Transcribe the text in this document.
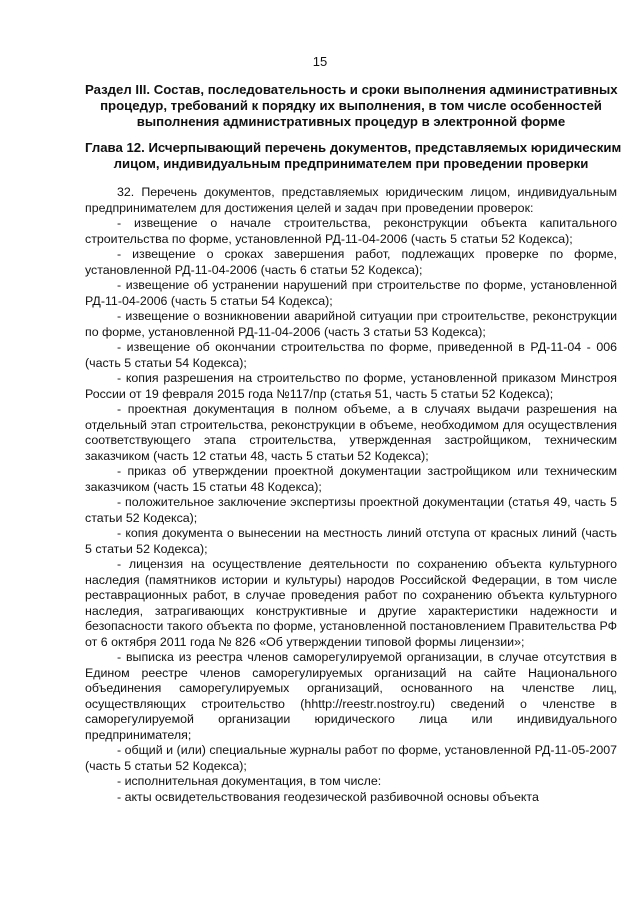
15
Раздел III. Состав, последовательность и сроки выполнения административных
процедур, требований к порядку их выполнения, в том числе особенностей
выполнения административных процедур в электронной форме
Глава 12. Исчерпывающий перечень документов, представляемых юридическим
лицом, индивидуальным предпринимателем при проведении проверки

32. Перечень документов, представляемых юридическим лицом, индивидуальным предпринимателем для достижения целей и задач при проведении проверок:

- извещение о начале строительства, реконструкции объекта капитального строительства по форме, установленной РД-11-04-2006 (часть 5 статьи 52 Кодекса);

- извещение о сроках завершения работ, подлежащих проверке по форме, установленной РД-11-04-2006 (часть 6 статьи 52 Кодекса);

- извещение об устранении нарушений при строительстве по форме, установленной РД-11-04-2006 (часть 5 статьи 54 Кодекса);

- извещение о возникновении аварийной ситуации при строительстве, реконструкции по форме, установленной РД-11-04-2006 (часть 3 статьи 53 Кодекса);

- извещение об окончании строительства по форме, приведенной в РД-11-04 - 006 (часть 5 статьи 54 Кодекса);

- копия разрешения на строительство по форме, установленной приказом Минстроя России от 19 февраля 2015 года №117/пр (статья 51, часть 5 статьи 52 Кодекса);

- проектная документация в полном объеме, а в случаях выдачи разрешения на отдельный этап строительства, реконструкции в объеме, необходимом для осуществления соответствующего этапа строительства, утвержденная застройщиком, техническим заказчиком (часть 12 статьи 48, часть 5 статьи 52 Кодекса);

- приказ об утверждении проектной документации застройщиком или техническим заказчиком (часть 15 статьи 48 Кодекса);

- положительное заключение экспертизы проектной документации (статья 49, часть 5 статьи 52 Кодекса);

- копия документа о вынесении на местность линий отступа от красных линий (часть 5 статьи 52 Кодекса);

- лицензия на осуществление деятельности по сохранению объекта культурного наследия (памятников истории и культуры) народов Российской Федерации, в том числе реставрационных работ, в случае проведения работ по сохранению объекта культурного наследия, затрагивающих конструктивные и другие характеристики надежности и безопасности такого объекта по форме, установленной постановлением Правительства РФ от 6 октября 2011 года № 826 «Об утверждении типовой формы лицензии»;

- выписка из реестра членов саморегулируемой организации, в случае отсутствия в Едином реестре членов саморегулируемых организаций на сайте Национального объединения саморегулируемых организаций, основанного на членстве лиц, осуществляющих строительство (hhttp://reestr.nostroy.ru) сведений о членстве в саморегулируемой организации юридического лица или индивидуального предпринимателя;

- общий и (или) специальные журналы работ по форме, установленной РД-11-05-2007 (часть 5 статьи 52 Кодекса);

- исполнительная документация, в том числе:

- акты освидетельствования геодезической разбивочной основы объекта
